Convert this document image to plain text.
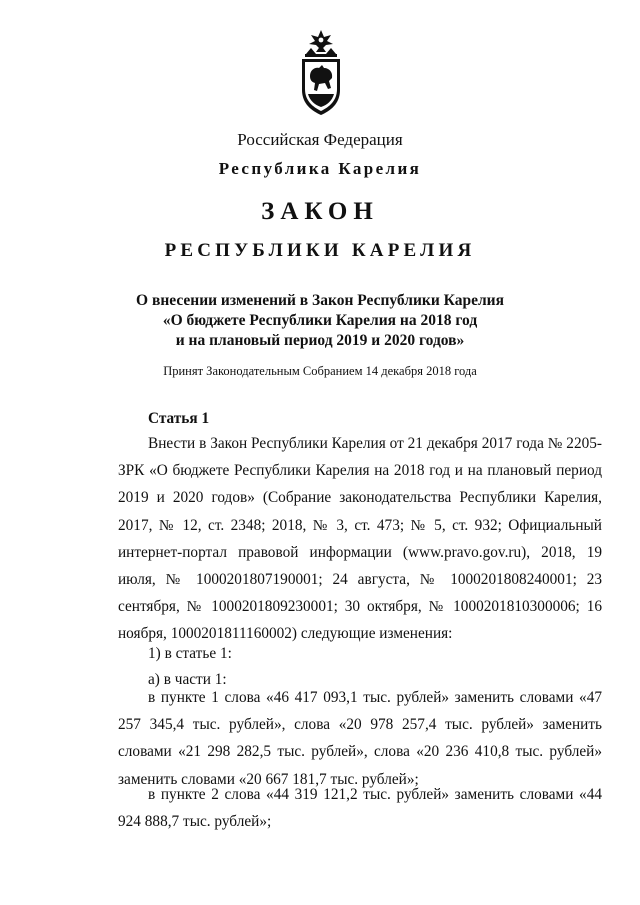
Российская Федерация
Республика Карелия
ЗАКОН
РЕСПУБЛИКИ КАРЕЛИЯ
О внесении изменений в Закон Республики Карелия
«О бюджете Республики Карелия на 2018 год
и на плановый период 2019 и 2020 годов»
Принят Законодательным Собранием 14 декабря 2018 года
Статья 1

Внести в Закон Республики Карелия от 21 декабря 2017 года № 2205-ЗРК «О бюджете Республики Карелия на 2018 год и на плановый период 2019 и 2020 годов» (Собрание законодательства Республики Карелия, 2017, № 12, ст. 2348; 2018, № 3, ст. 473; № 5, ст. 932; Официальный интернет-портал правовой информации (www.pravo.gov.ru), 2018, 19 июля, № 1000201807190001; 24 августа, № 1000201808240001; 23 сентября, № 1000201809230001; 30 октября, № 1000201810300006; 16 ноября, 1000201811160002) следующие изменения:

1) в статье 1:
а) в части 1:

в пункте 1 слова «46 417 093,1 тыс. рублей» заменить словами «47 257 345,4 тыс. рублей», слова «20 978 257,4 тыс. рублей» заменить словами «21 298 282,5 тыс. рублей», слова «20 236 410,8 тыс. рублей» заменить словами «20 667 181,7 тыс. рублей»;

в пункте 2 слова «44 319 121,2 тыс. рублей» заменить словами «44 924 888,7 тыс. рублей»;
